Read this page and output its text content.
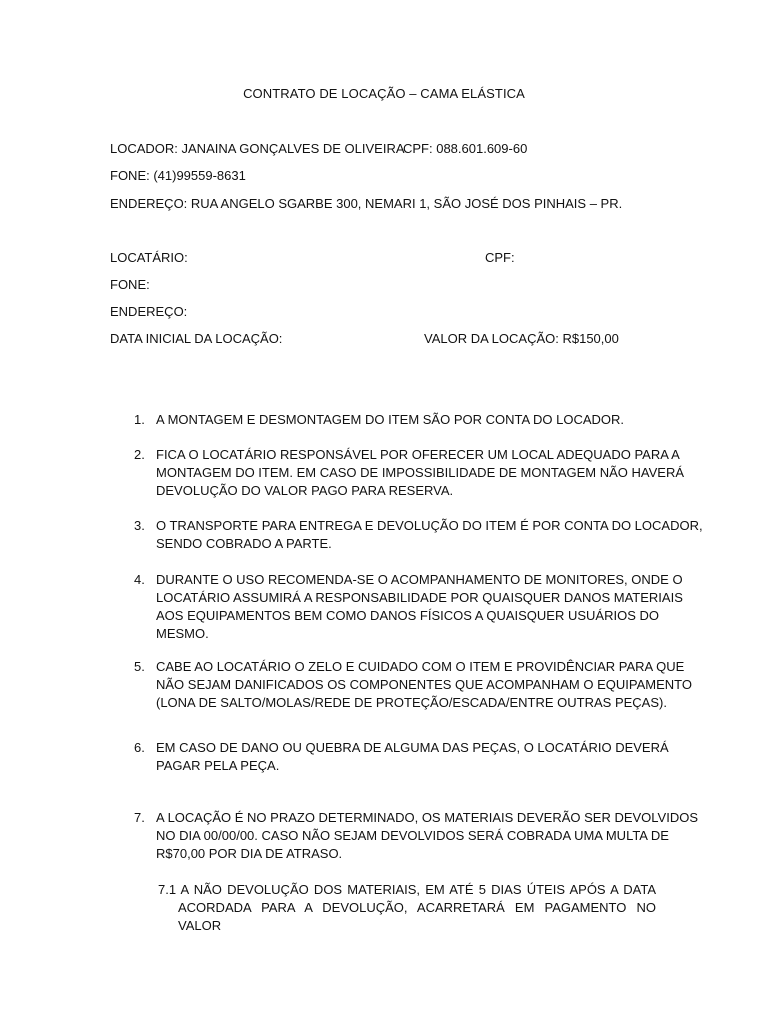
CONTRATO DE LOCAÇÃO – CAMA ELÁSTICA
LOCADOR: JANAINA GONÇALVES DE OLIVEIRA
CPF: 088.601.609-60
FONE: (41)99559-8631
ENDEREÇO: RUA ANGELO SGARBE 300, NEMARI 1, SÃO JOSÉ DOS PINHAIS – PR.
LOCATÁRIO:	CPF:
FONE:
ENDEREÇO:
DATA INICIAL DA LOCAÇÃO:	VALOR DA LOCAÇÃO: R$150,00
1. A MONTAGEM E DESMONTAGEM DO ITEM SÃO POR CONTA DO LOCADOR.
2. FICA O LOCATÁRIO RESPONSÁVEL POR OFERECER UM LOCAL ADEQUADO PARA A
MONTAGEM DO ITEM. EM CASO DE IMPOSSIBILIDADE DE MONTAGEM NÃO HAVERÁ
DEVOLUÇÃO DO VALOR PAGO PARA RESERVA.
3. O TRANSPORTE PARA ENTREGA E DEVOLUÇÃO DO ITEM É POR CONTA DO LOCADOR,
SENDO COBRADO A PARTE.
4. DURANTE O USO RECOMENDA-SE O ACOMPANHAMENTO DE MONITORES, ONDE O
LOCATÁRIO ASSUMIRÁ A RESPONSABILIDADE POR QUAISQUER DANOS MATERIAIS
AOS EQUIPAMENTOS BEM COMO DANOS FÍSICOS A QUAISQUER USUÁRIOS DO
MESMO.
5. CABE AO LOCATÁRIO O ZELO E CUIDADO COM O ITEM E PROVIDÊNCIAR PARA QUE
NÃO SEJAM DANIFICADOS OS COMPONENTES QUE ACOMPANHAM O EQUIPAMENTO
(LONA DE SALTO/MOLAS/REDE DE PROTEÇÃO/ESCADA/ENTRE OUTRAS PEÇAS).
6. EM CASO DE DANO OU QUEBRA DE ALGUMA DAS PEÇAS, O LOCATÁRIO DEVERÁ
PAGAR PELA PEÇA.
7. A LOCAÇÃO É NO PRAZO DETERMINADO, OS MATERIAIS DEVERÃO SER DEVOLVIDOS
NO DIA 00/00/00. CASO NÃO SEJAM DEVOLVIDOS SERÁ COBRADA UMA MULTA DE
R$70,00 POR DIA DE ATRASO.
7.1 A NÃO DEVOLUÇÃO DOS MATERIAIS, EM ATÉ 5 DIAS ÚTEIS APÓS A DATA
ACORDADA PARA A DEVOLUÇÃO, ACARRETARÁ EM PAGAMENTO NO VALOR
